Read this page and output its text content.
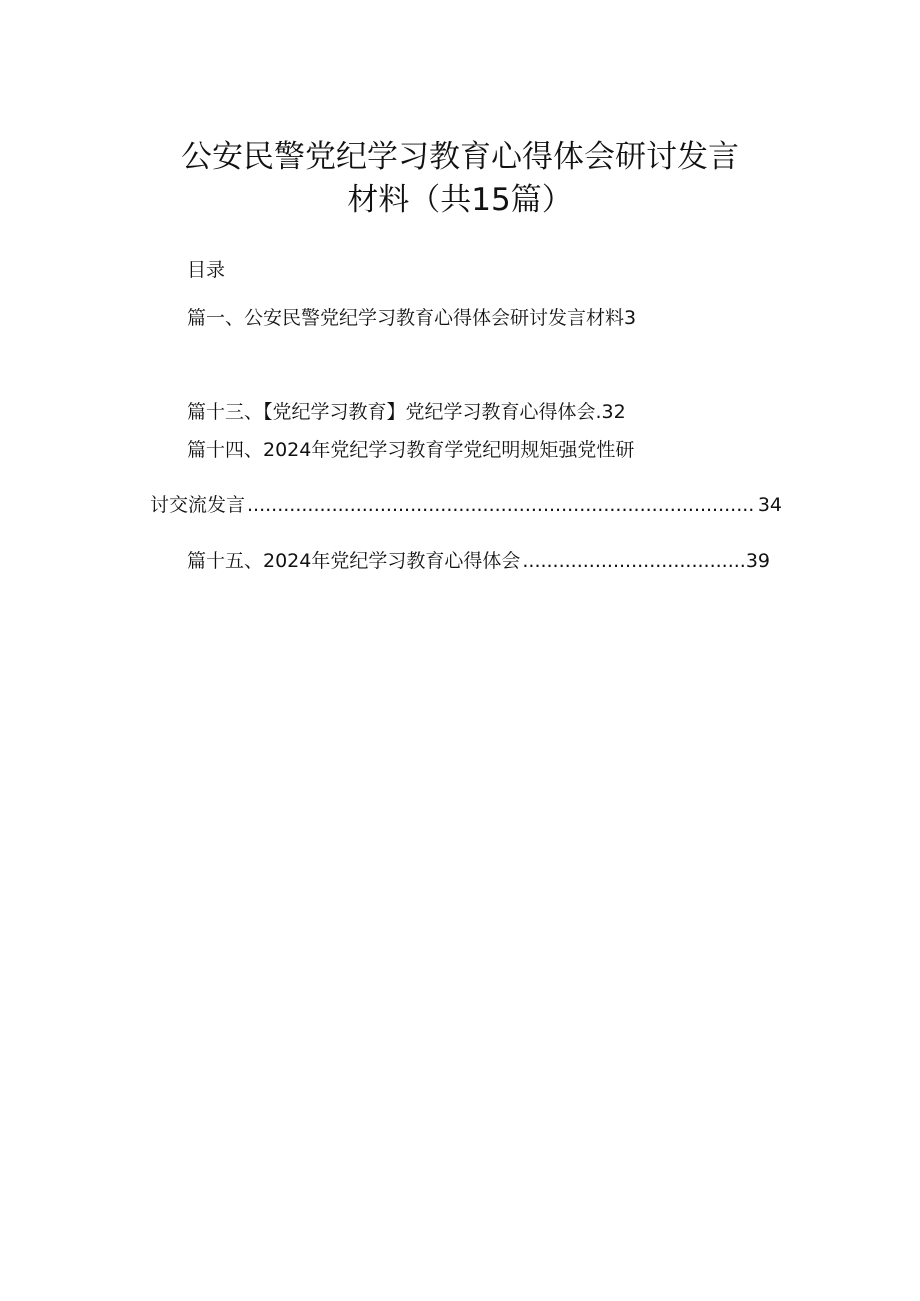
公安民警党纪学习教育心得体会研讨发言
材料（共15篇）
目录
篇一、公安民警党纪学习教育心得体会研讨发言材料3
篇十三、【党纪学习教育】党纪学习教育心得体会.32
篇十四、2024年党纪学习教育学党纪明规矩强党性研
讨交流发言 .....	34
篇十五、2024年党纪学习教育心得体会 .....	39
